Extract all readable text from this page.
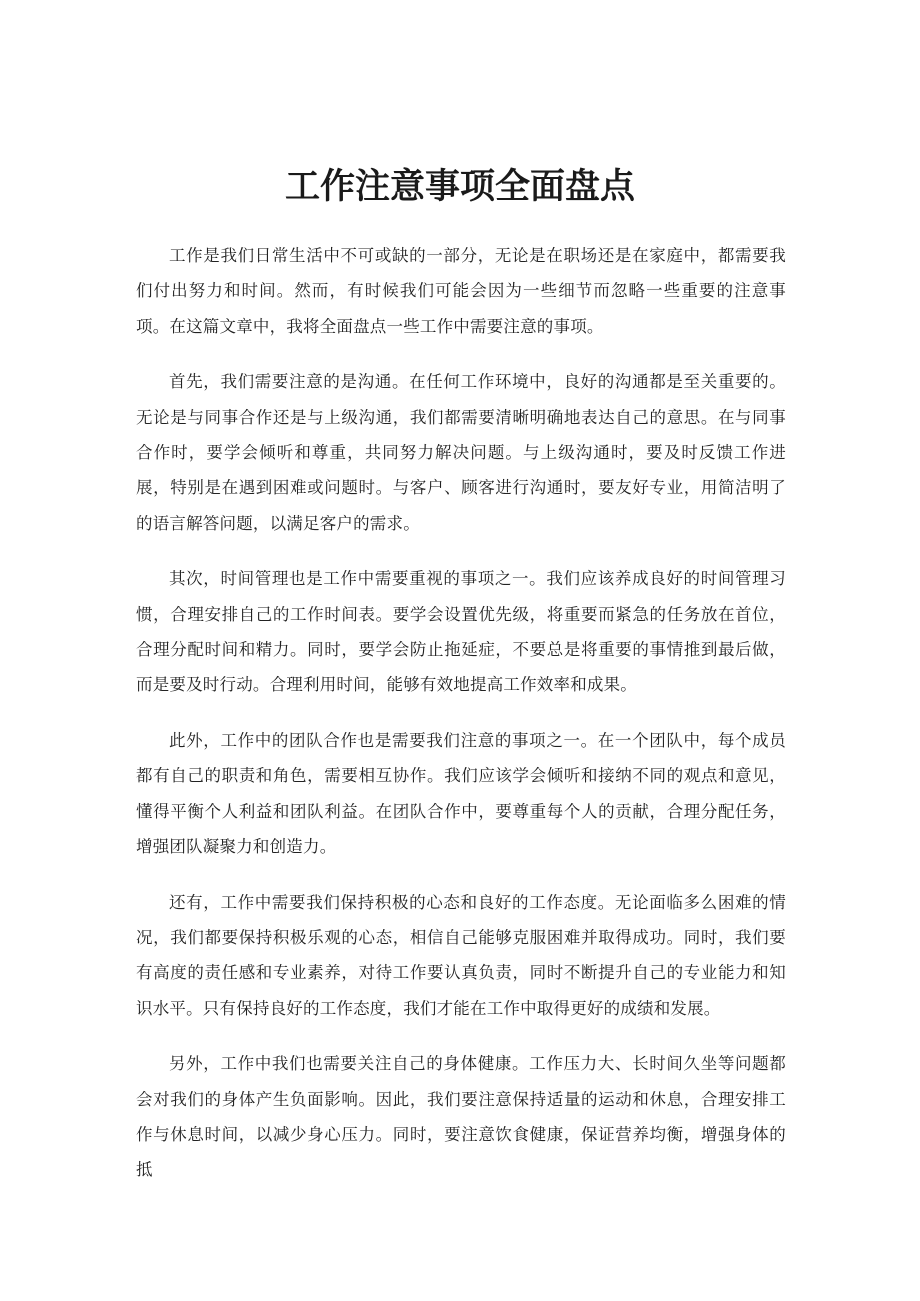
工作注意事项全面盘点

工作是我们日常生活中不可或缺的一部分，无论是在职场还是在家庭中，都需要我们付出努力和时间。然而，有时候我们可能会因为一些细节而忽略一些重要的注意事项。在这篇文章中，我将全面盘点一些工作中需要注意的事项。

首先，我们需要注意的是沟通。在任何工作环境中，良好的沟通都是至关重要的。无论是与同事合作还是与上级沟通，我们都需要清晰明确地表达自己的意思。在与同事合作时，要学会倾听和尊重，共同努力解决问题。与上级沟通时，要及时反馈工作进展，特别是在遇到困难或问题时。与客户、顾客进行沟通时，要友好专业，用简洁明了的语言解答问题，以满足客户的需求。

其次，时间管理也是工作中需要重视的事项之一。我们应该养成良好的时间管理习惯，合理安排自己的工作时间表。要学会设置优先级，将重要而紧急的任务放在首位，合理分配时间和精力。同时，要学会防止拖延症，不要总是将重要的事情推到最后做，而是要及时行动。合理利用时间，能够有效地提高工作效率和成果。

此外，工作中的团队合作也是需要我们注意的事项之一。在一个团队中，每个成员都有自己的职责和角色，需要相互协作。我们应该学会倾听和接纳不同的观点和意见，懂得平衡个人利益和团队利益。在团队合作中，要尊重每个人的贡献，合理分配任务，增强团队凝聚力和创造力。

还有，工作中需要我们保持积极的心态和良好的工作态度。无论面临多么困难的情况，我们都要保持积极乐观的心态，相信自己能够克服困难并取得成功。同时，我们要有高度的责任感和专业素养，对待工作要认真负责，同时不断提升自己的专业能力和知识水平。只有保持良好的工作态度，我们才能在工作中取得更好的成绩和发展。

另外，工作中我们也需要关注自己的身体健康。工作压力大、长时间久坐等问题都会对我们的身体产生负面影响。因此，我们要注意保持适量的运动和休息，合理安排工作与休息时间，以减少身心压力。同时，要注意饮食健康，保证营养均衡，增强身体的抵
